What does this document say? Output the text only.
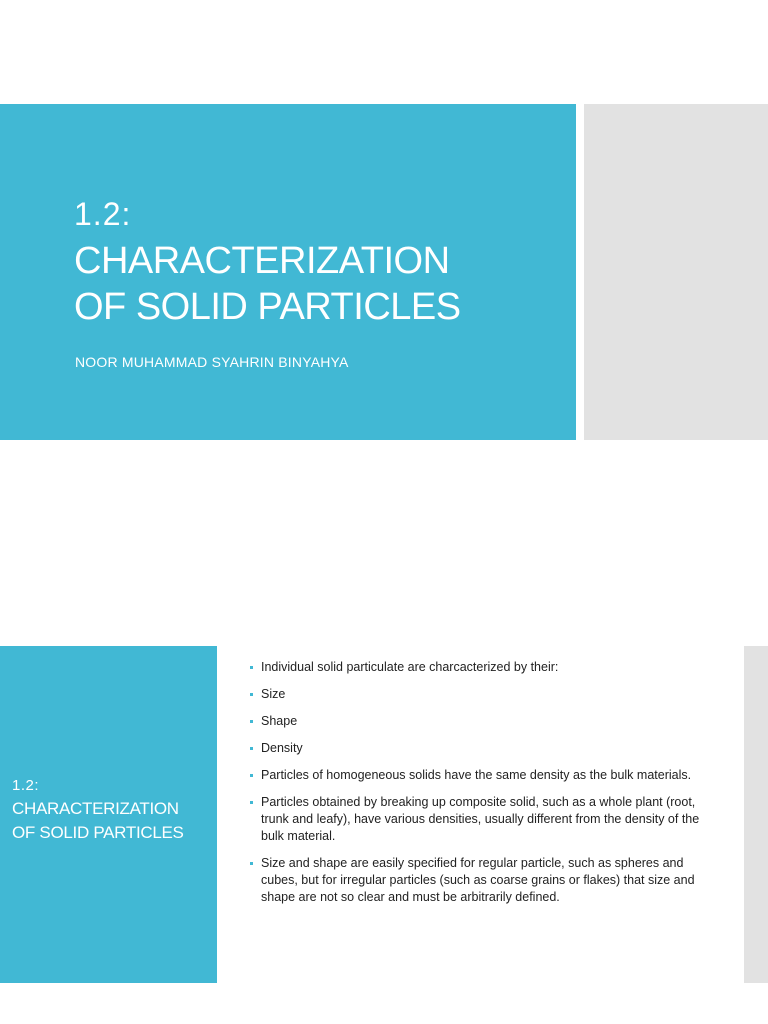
1.2:
CHARACTERIZATION
OF SOLID PARTICLES
NOOR MUHAMMAD SYAHRIN BINYAHYA
1.2:
CHARACTERIZATION
OF SOLID PARTICLES
Individual solid particulate are charcacterized by their:
Size
Shape
Density
Particles of homogeneous solids have the same density as the bulk materials.
Particles obtained by breaking up composite solid, such as a whole plant (root, trunk and leafy), have various densities, usually different from the density of the bulk material.
Size and shape are easily specified for regular particle, such as spheres and cubes, but for irregular particles (such as coarse grains or flakes) that size and shape are not so clear and must be arbitrarily defined.
